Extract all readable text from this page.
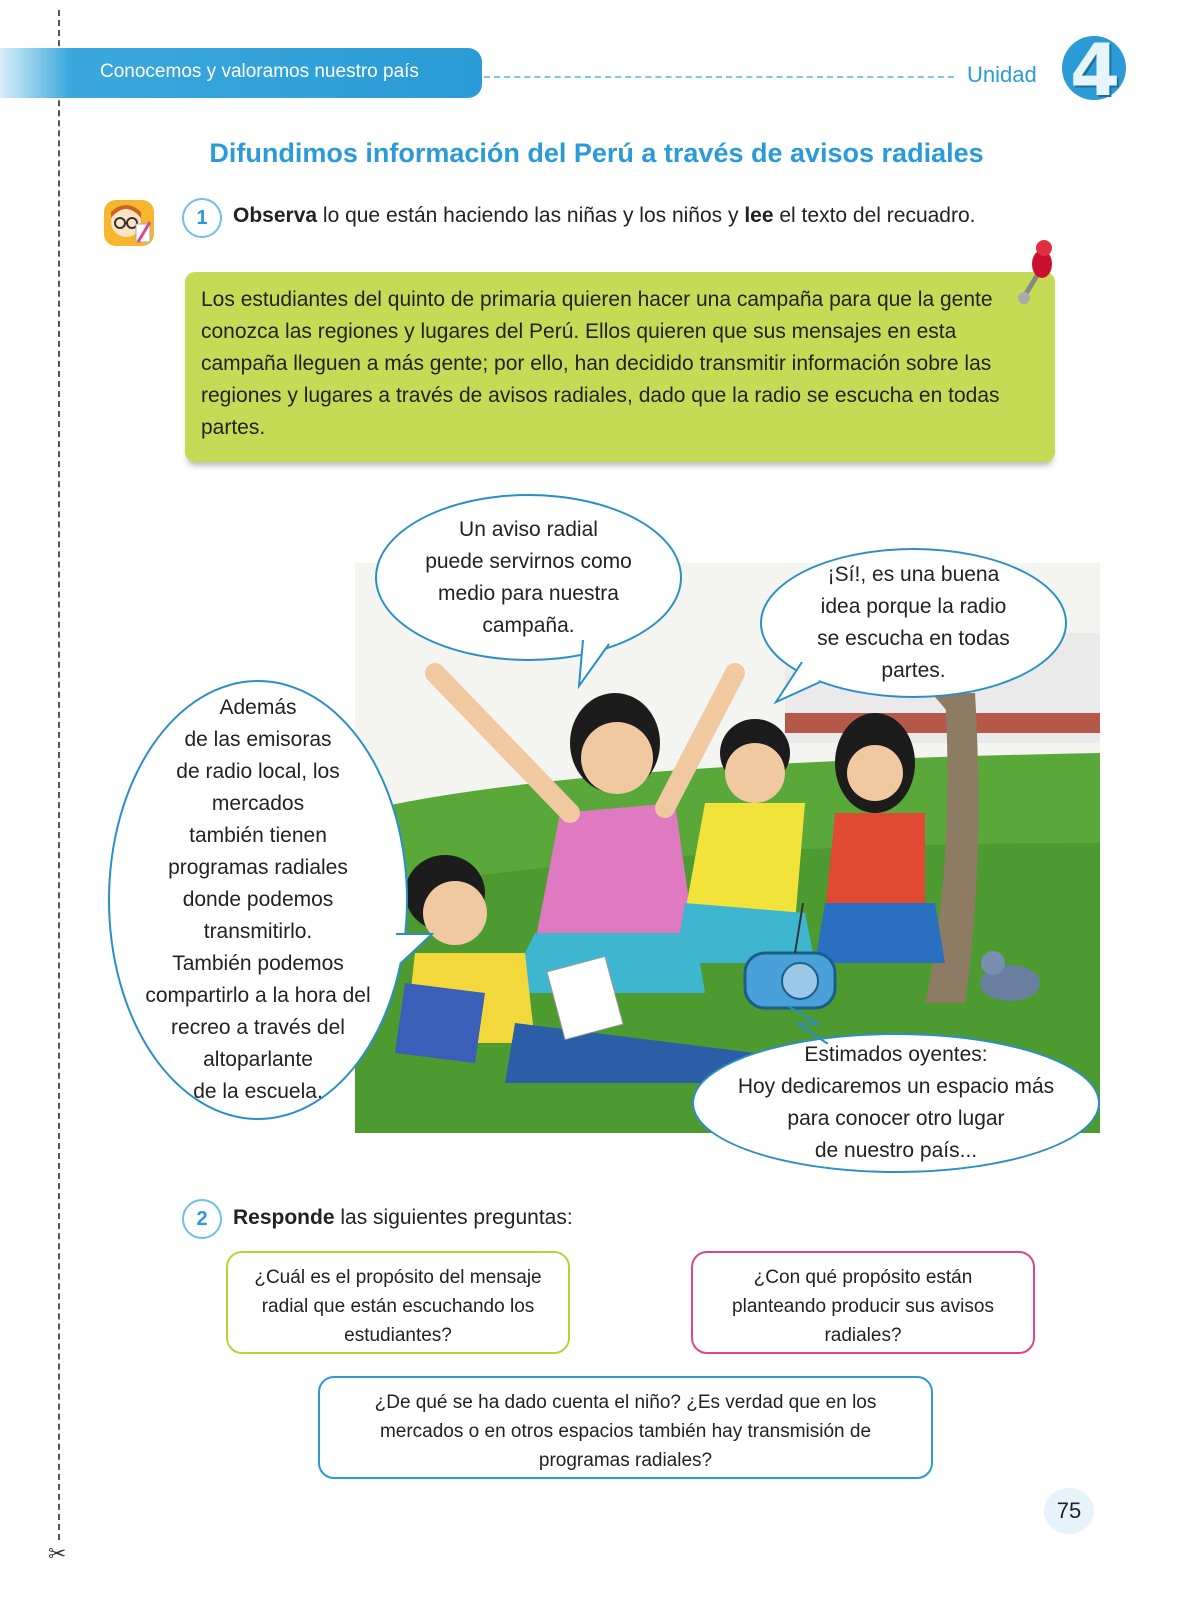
✂
Conocemos y valoramos nuestro país	Unidad 4
Difundimos información del Perú a través de avisos radiales
1	Observa lo que están haciendo las niñas y los niños y lee el texto del recuadro.

Los estudiantes del quinto de primaria quieren hacer una campaña para que la gente conozca las regiones y lugares del Perú. Ellos quieren que sus mensajes en esta campaña lleguen a más gente; por ello, han decidido transmitir información sobre las regiones y lugares a través de avisos radiales, dado que la radio se escucha en todas partes.

Un aviso radial
puede servirnos como
medio para nuestra
campaña.
¡Sí!, es una buena
idea porque la radio
se escucha en todas
partes.
Además
de las emisoras
de radio local, los
mercados
también tienen
programas radiales
donde podemos
transmitirlo.
También podemos
compartirlo a la hora del
recreo a través del
altoparlante
de la escuela.
Estimados oyentes:
Hoy dedicaremos un espacio más
para conocer otro lugar
de nuestro país...
2	Responde las siguientes preguntas:
¿Cuál es el propósito del mensaje radial que están escuchando los estudiantes?
¿Con qué propósito están planteando producir sus avisos radiales?
¿De qué se ha dado cuenta el niño? ¿Es verdad que en los mercados o en otros espacios también hay transmisión de programas radiales?
75
